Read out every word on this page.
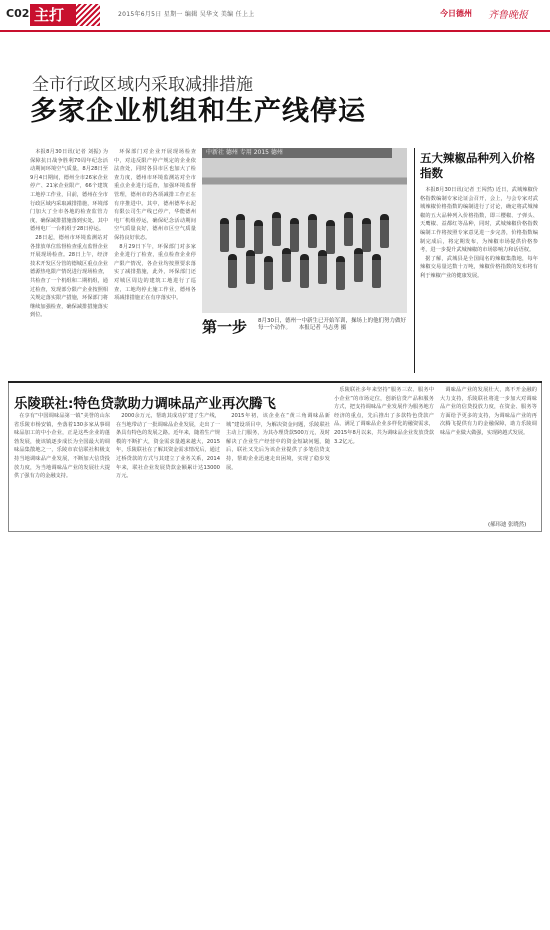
C02 主打	2015年6月5日 星期一 编辑 吴华文 美编 任上上	今日德州 齐鲁晚报
全市行政区域内采取减排措施
多家企业机组和生产线停运

本报8月30日讯(记者 刘振) 为保障抗日战争胜利70周年纪念活动期间环境空气质量，8月28日至9月4日期间，德州全市26家企业停产、21家企业限产，66个建筑工地停工作业，目前，德州在全市行政区域内采取减排措施，环境部门加大了全市各地的检查监管力度，确保减排措施落到实处。其中德州电厂一台机组于28日停运。

28日起，德州市环境监测站对各排放单位监督检查重点监督企业开展现场检查。28日上午，经济技术开发区分管的德城区重点企业德源热电限产情况进行现场检查，共检查了一个机组和二期机组，通过检查，发现部分限产企业按照相关规定落实限产措施，环保部门将继续加强检查，确保减排措施落实到位。

环保部门对企业开展现场检查中，对违反限产停产规定的企业依法查处，同时各县市区也加大了检查力度，德州市环境监测站对全市重点企业进行巡查，加强环境监督管理，德州市的各项减排工作正在有序推进中。其中，德州德华水泥有限公司生产线已停产，华能德州电厂机组停运，确保纪念活动期间空气质量良好，德州市区空气质量保持良好状态。

8月29日下午，环保部门对多家企业进行了检查，重点检查企业停产限产情况，各企业均按照要求落实了减排措施，此外，环保部门还对城区周边的建筑工地进行了巡查，工地均停止施工作业，德州各项减排措施正在有序落实中。

中新社 德州 专用 2015 德州
第一步 8月30日，德州一中新生已开始军训，操场上的他们努力做好每一个动作。 本报记者 马志勇 摄
五大辣椒品种列入价格指数

本报8月30日讯(记者 王闯然) 近日，武城辣椒价格指数编制专家论证会召开，会上，与会专家对武城辣椒价格指数的编制进行了讨论，确定将武城辣椒的五大品种列入价格指数，即三樱椒、子弹头、天鹰椒、益都红等品种，同时，武城辣椒价格指数编制工作将按照专家意见进一步完善，价格指数编制完成后，将定期发布，为辣椒市场提供价格参考，进一步提升武城辣椒的市场影响力和话语权。

据了解，武城县是全国闻名的辣椒集散地，每年辣椒交易量达数十万吨，辣椒价格指数的发布将有利于辣椒产业的健康发展。

乐陵联社:特色贷款助力调味品产业再次腾飞

在享有“中国调味品第一镇”美誉的山东省乐陵市杨安镇，坐落着130多家从事调味品加工的中小企业，正是这些企业的蓬勃发展，使该镇逐步成长为全国最大的调味品集散地之一，乐陵市农信联社积极支持当地调味品产业发展，不断加大信贷投放力度，为当地调味品产业的发展壮大提供了强有力的金融支持。

2000余万元，帮助其成功扩建了生产线，在当地带动了一批调味品企业发展，走出了一条具有特色的发展之路。近年来，随着生产规模的不断扩大，资金需求量越来越大，2015年，乐陵联社在了解其资金需求情况后，通过过桥贷款的方式与其建立了业务关系，2014年来，联社企业发展贷款金额累计达13000万元。

2015年初，该企业在“黄三角调味品新城”建设项目中，为解决资金问题，乐陵联社主动上门服务，为其办理贷款500万元，及时解决了企业生产经营中的资金短缺问题，随后，联社又先后为该企业提供了多笔信贷支持，帮助企业迅速走出困境，实现了稳步发展。

乐陵联社多年来坚持“服务三农、服务中小企业”的市场定位，创新信贷产品和服务方式，把支持调味品产业发展作为服务地方经济的重点，先后推出了多款特色贷款产品，满足了调味品企业多样化的融资需求，2015年8月以来，共为调味品企业发放贷款3.2亿元。

调味品产业的发展壮大，离不开金融的大力支持，乐陵联社将进一步加大对调味品产业的信贷投放力度，在资金、服务等方面给予更多的支持，为调味品产业的再次腾飞提供有力的金融保障，助力乐陵调味品产业做大做强，实现跨越式发展。

(郝玮迪 张晓然)
